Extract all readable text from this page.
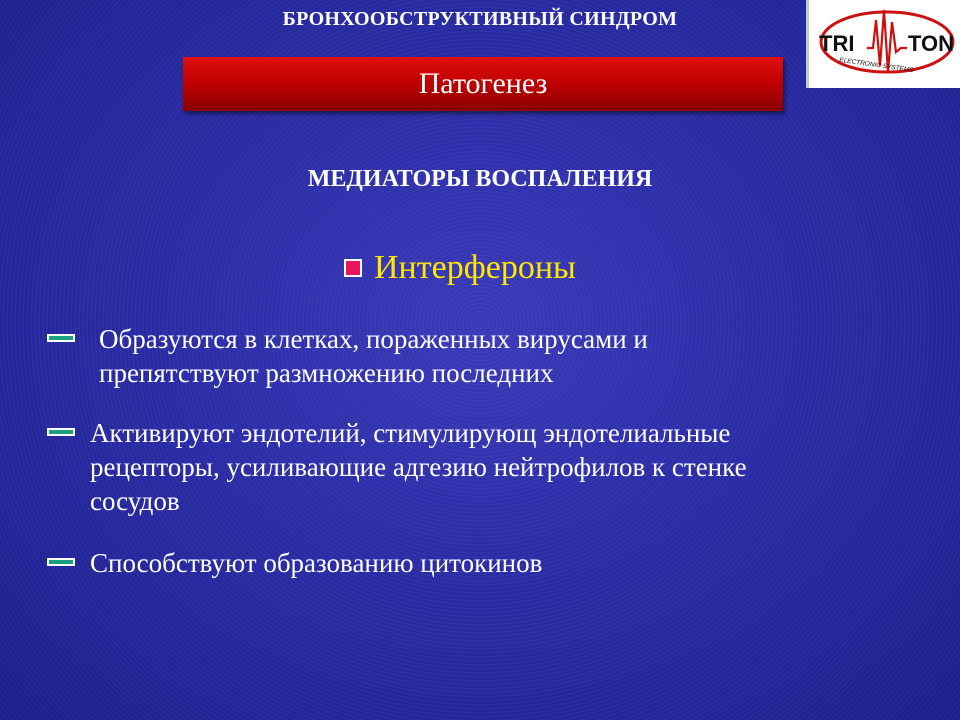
БРОНХООБСТРУКТИВНЫЙ СИНДРОМ
TRI TON
ELECTRONIC SYSTEMS
Патогенез
МЕДИАТОРЫ ВОСПАЛЕНИЯ
Интерфероны
Образуются в клетках, пораженных вирусами и
препятствуют размножению последних
Активируют эндотелий, стимулирующ эндотелиальные
рецепторы, усиливающие адгезию нейтрофилов к стенке
сосудов
Способствуют образованию цитокинов
